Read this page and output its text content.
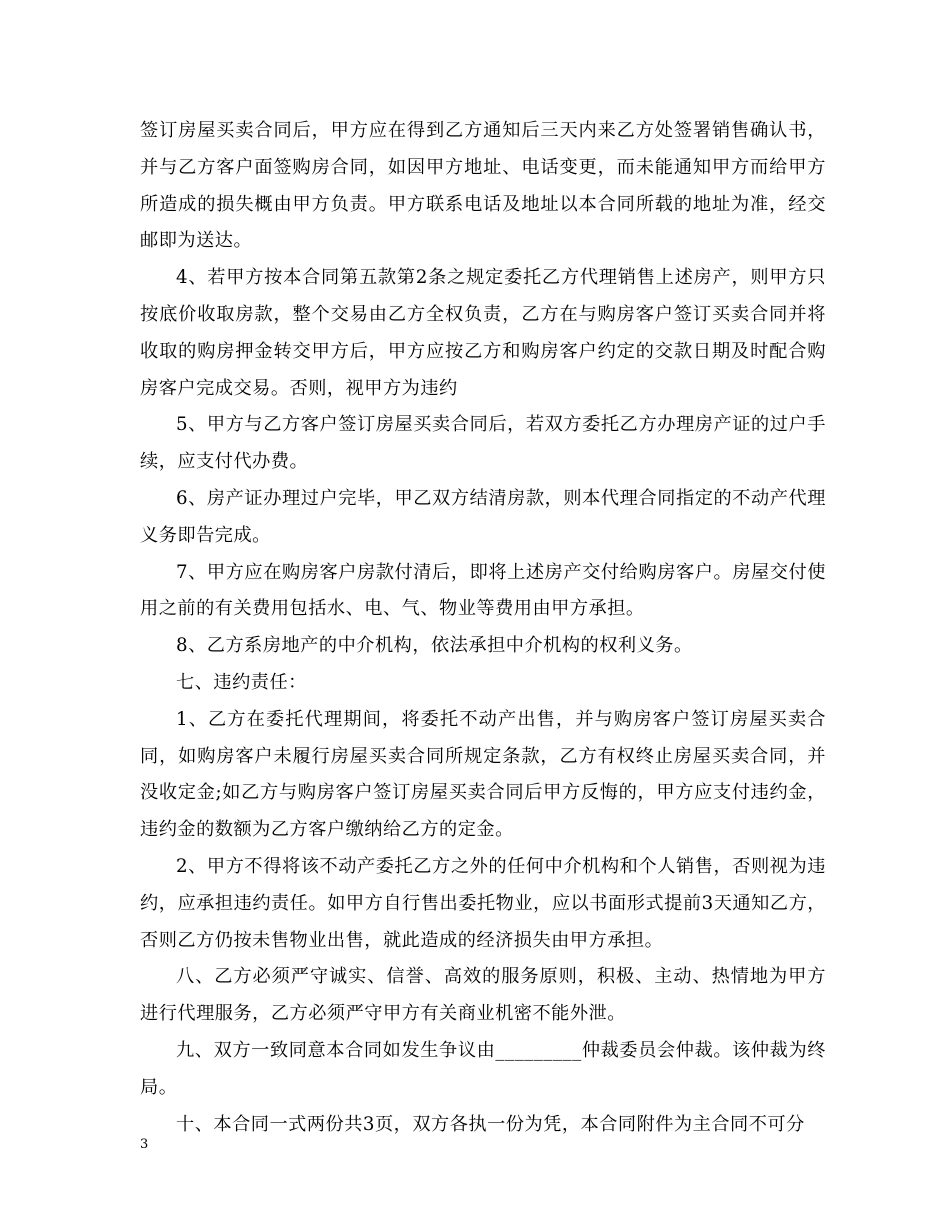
签订房屋买卖合同后，甲方应在得到乙方通知后三天内来乙方处签署销售确认书，并与乙方客户面签购房合同，如因甲方地址、电话变更，而未能通知甲方而给甲方所造成的损失概由甲方负责。甲方联系电话及地址以本合同所载的地址为准，经交邮即为送达。

4、若甲方按本合同第五款第2条之规定委托乙方代理销售上述房产，则甲方只按底价收取房款，整个交易由乙方全权负责，乙方在与购房客户签订买卖合同并将收取的购房押金转交甲方后，甲方应按乙方和购房客户约定的交款日期及时配合购房客户完成交易。否则，视甲方为违约

5、甲方与乙方客户签订房屋买卖合同后，若双方委托乙方办理房产证的过户手续，应支付代办费。

6、房产证办理过户完毕，甲乙双方结清房款，则本代理合同指定的不动产代理义务即告完成。

7、甲方应在购房客户房款付清后，即将上述房产交付给购房客户。房屋交付使用之前的有关费用包括水、电、气、物业等费用由甲方承担。

8、乙方系房地产的中介机构，依法承担中介机构的权利义务。

七、违约责任：

1、乙方在委托代理期间，将委托不动产出售，并与购房客户签订房屋买卖合同，如购房客户未履行房屋买卖合同所规定条款，乙方有权终止房屋买卖合同，并没收定金;如乙方与购房客户签订房屋买卖合同后甲方反悔的，甲方应支付违约金，违约金的数额为乙方客户缴纳给乙方的定金。

2、甲方不得将该不动产委托乙方之外的任何中介机构和个人销售，否则视为违约，应承担违约责任。如甲方自行售出委托物业，应以书面形式提前3天通知乙方，否则乙方仍按未售物业出售，就此造成的经济损失由甲方承担。

八、乙方必须严守诚实、信誉、高效的服务原则，积极、主动、热情地为甲方进行代理服务，乙方必须严守甲方有关商业机密不能外泄。

九、双方一致同意本合同如发生争议由_________仲裁委员会仲裁。该仲裁为终局。

十、本合同一式两份共3页，双方各执一份为凭，本合同附件为主合同不可分

3
